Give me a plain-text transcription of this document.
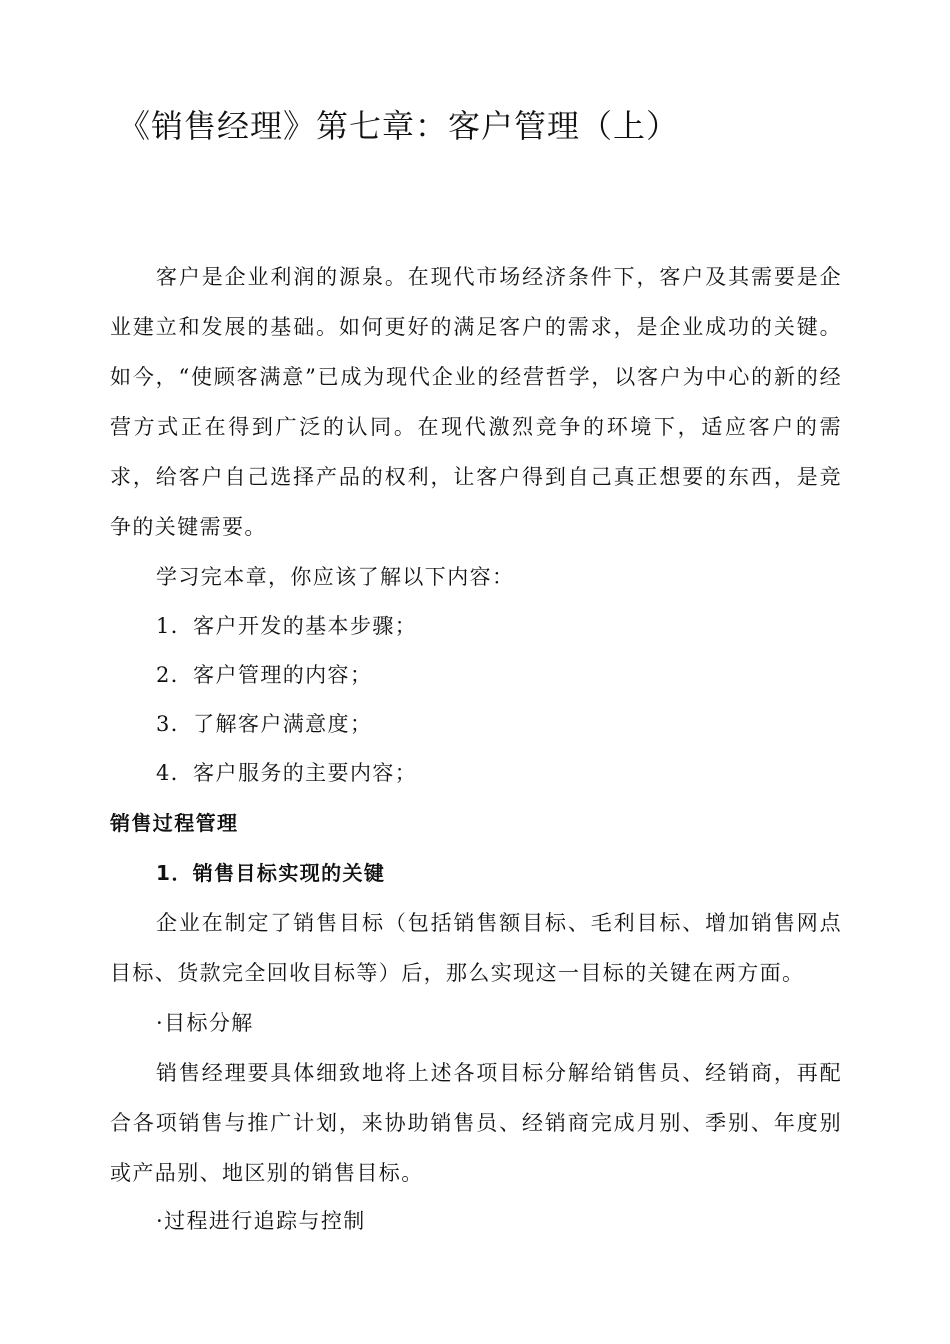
《销售经理》第七章：客户管理（上）

客户是企业利润的源泉。在现代市场经济条件下，客户及其需要是企业建立和发展的基础。如何更好的满足客户的需求，是企业成功的关键。如今，“使顾客满意”已成为现代企业的经营哲学，以客户为中心的新的经营方式正在得到广泛的认同。在现代激烈竞争的环境下，适应客户的需求，给客户自己选择产品的权利，让客户得到自己真正想要的东西，是竞争的关键需要。

学习完本章，你应该了解以下内容：

1．客户开发的基本步骤；

2．客户管理的内容；

3．了解客户满意度；

4．客户服务的主要内容；

销售过程管理

1．销售目标实现的关键

企业在制定了销售目标（包括销售额目标、毛利目标、增加销售网点目标、货款完全回收目标等）后，那么实现这一目标的关键在两方面。

·目标分解

销售经理要具体细致地将上述各项目标分解给销售员、经销商，再配合各项销售与推广计划，来协助销售员、经销商完成月别、季别、年度别或产品别、地区别的销售目标。

·过程进行追踪与控制
